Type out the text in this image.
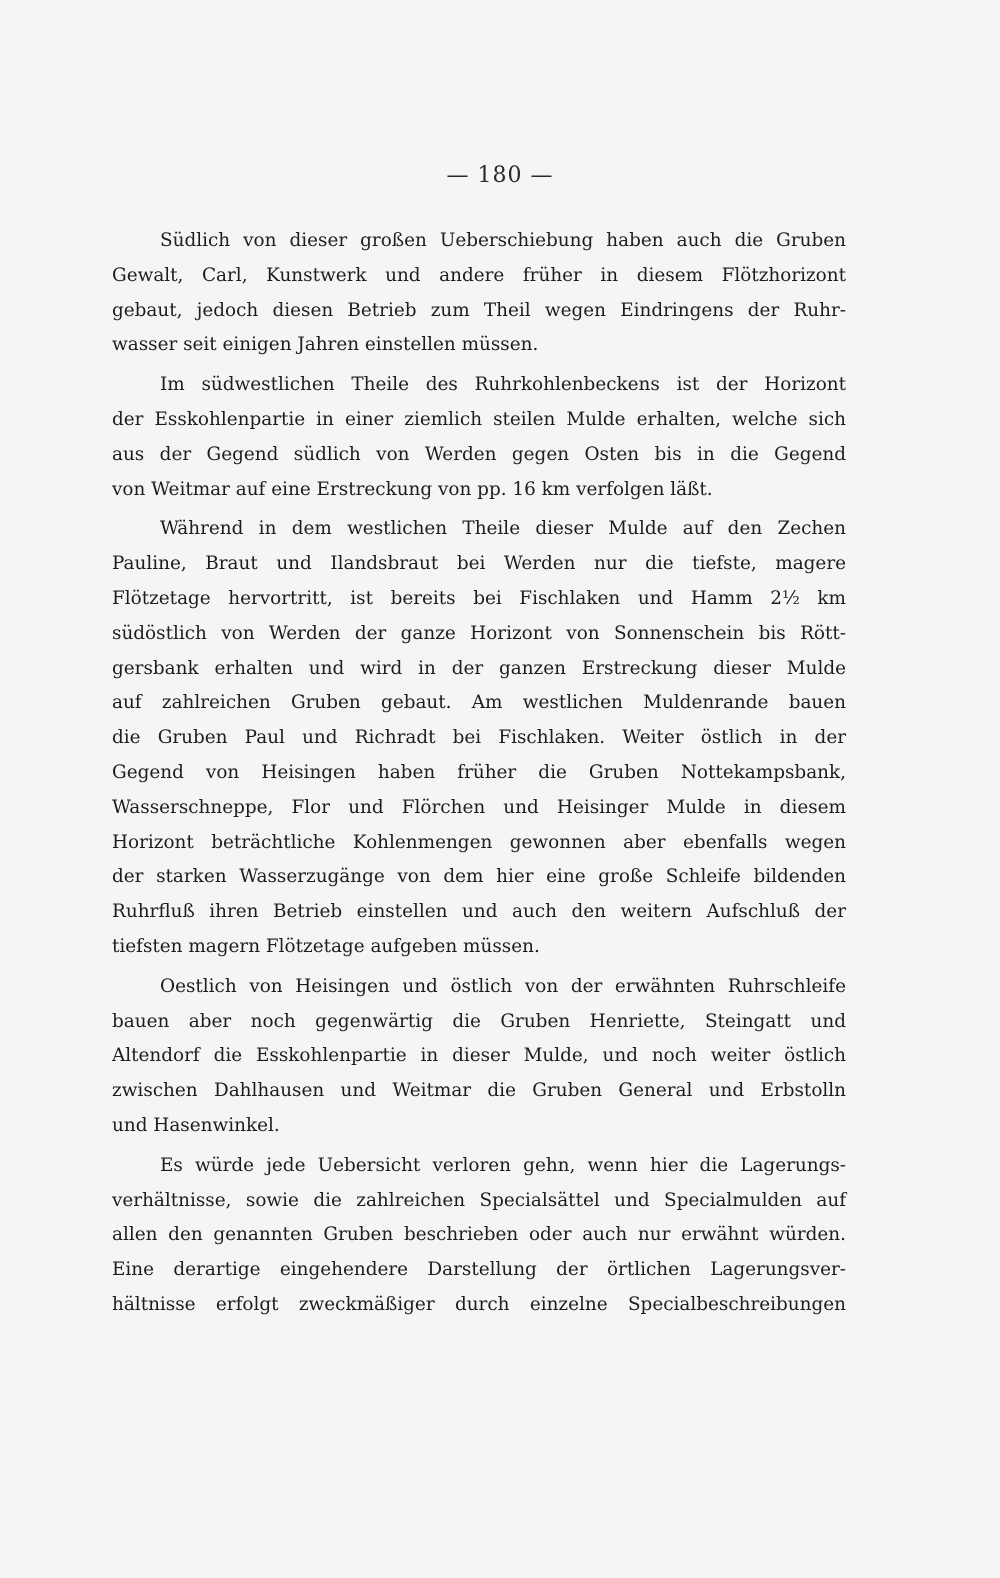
— 180 —
Südlich von dieser großen Ueberschiebung haben auch die Gruben
Gewalt, Carl, Kunstwerk und andere früher in diesem Flötzhorizont
gebaut, jedoch diesen Betrieb zum Theil wegen Eindringens der Ruhr-
wasser seit einigen Jahren einstellen müssen.
Im südwestlichen Theile des Ruhrkohlenbeckens ist der Horizont
der Esskohlenpartie in einer ziemlich steilen Mulde erhalten, welche sich
aus der Gegend südlich von Werden gegen Osten bis in die Gegend
von Weitmar auf eine Erstreckung von pp. 16 km verfolgen läßt.
Während in dem westlichen Theile dieser Mulde auf den Zechen
Pauline, Braut und Ilandsbraut bei Werden nur die tiefste, magere
Flötzetage hervortritt, ist bereits bei Fischlaken und Hamm 2½ km
südöstlich von Werden der ganze Horizont von Sonnenschein bis Rött-
gersbank erhalten und wird in der ganzen Erstreckung dieser Mulde
auf zahlreichen Gruben gebaut. Am westlichen Muldenrande bauen
die Gruben Paul und Richradt bei Fischlaken. Weiter östlich in der
Gegend von Heisingen haben früher die Gruben Nottekampsbank,
Wasserschneppe, Flor und Flörchen und Heisinger Mulde in diesem
Horizont beträchtliche Kohlenmengen gewonnen aber ebenfalls wegen
der starken Wasserzugänge von dem hier eine große Schleife bildenden
Ruhrfluß ihren Betrieb einstellen und auch den weitern Aufschluß der
tiefsten magern Flötzetage aufgeben müssen.
Oestlich von Heisingen und östlich von der erwähnten Ruhrschleife
bauen aber noch gegenwärtig die Gruben Henriette, Steingatt und
Altendorf die Esskohlenpartie in dieser Mulde, und noch weiter östlich
zwischen Dahlhausen und Weitmar die Gruben General und Erbstolln
und Hasenwinkel.
Es würde jede Uebersicht verloren gehn, wenn hier die Lagerungs-
verhältnisse, sowie die zahlreichen Specialsättel und Specialmulden auf
allen den genannten Gruben beschrieben oder auch nur erwähnt würden.
Eine derartige eingehendere Darstellung der örtlichen Lagerungsver-
hältnisse erfolgt zweckmäßiger durch einzelne Specialbeschreibungen
